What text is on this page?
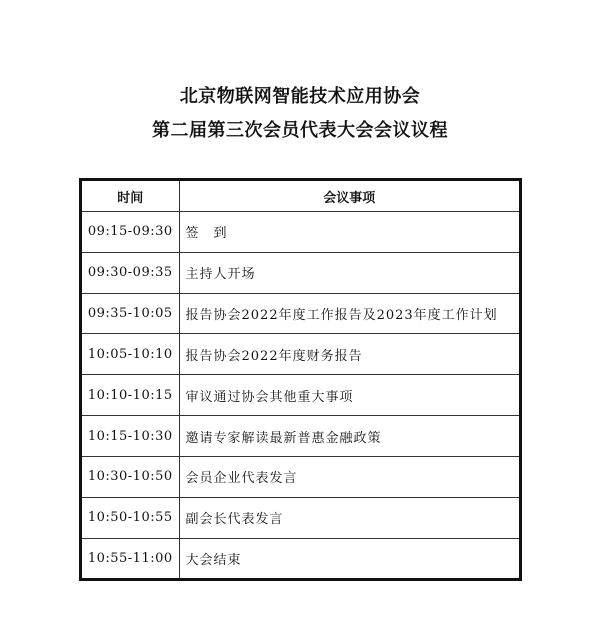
北京物联网智能技术应用协会
第二届第三次会员代表大会会议议程
时间	会议事项
09:15-09:30	签　到
09:30-09:35	主持人开场
09:35-10:05	报告协会2022年度工作报告及2023年度工作计划
10:05-10:10	报告协会2022年度财务报告
10:10-10:15	审议通过协会其他重大事项
10:15-10:30	邀请专家解读最新普惠金融政策
10:30-10:50	会员企业代表发言
10:50-10:55	副会长代表发言
10:55-11:00	大会结束
